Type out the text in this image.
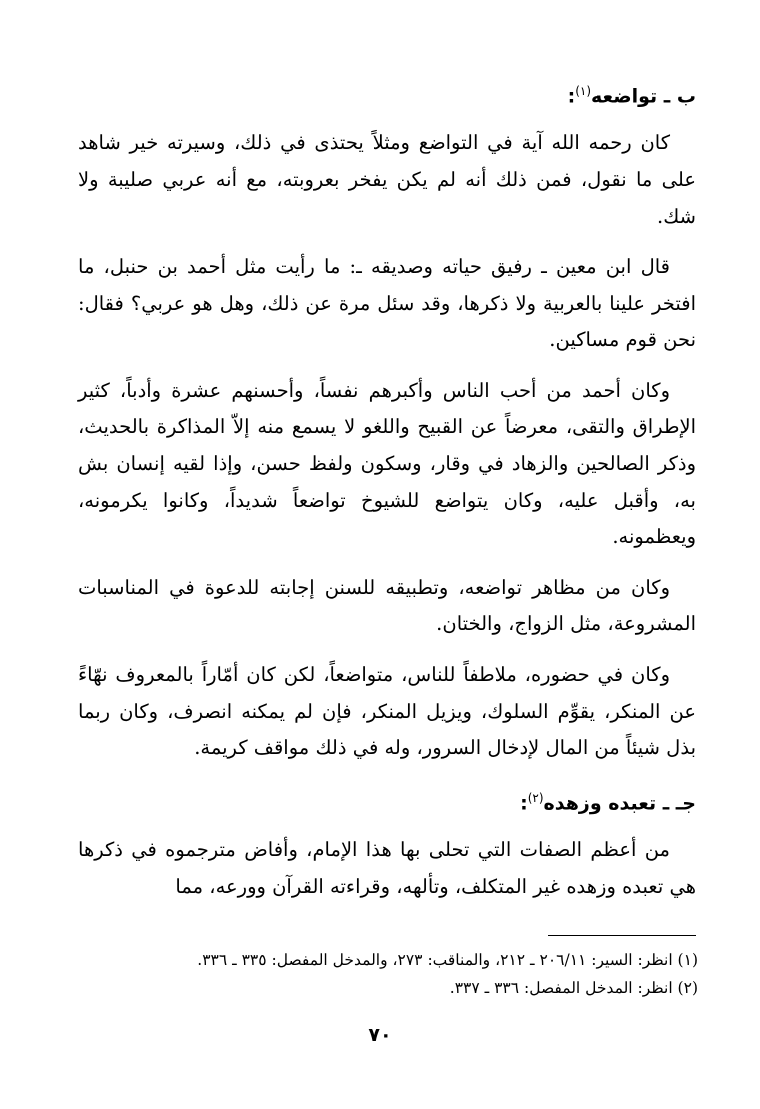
ب ـ تواضعه$^{(١)}$:

كان رحمه الله آية في التواضع ومثلاً يحتذى في ذلك، وسيرته خير شاهد على ما نقول، فمن ذلك أنه لم يكن يفخر بعروبته، مع أنه عربي صليبة ولا شك.

قال ابن معين ـ رفيق حياته وصديقه ـ: ما رأيت مثل أحمد بن حنبل، ما افتخر علينا بالعربية ولا ذكرها، وقد سئل مرة عن ذلك، وهل هو عربي؟ فقال: نحن قوم مساكين.

وكان أحمد من أحب الناس وأكبرهم نفساً، وأحسنهم عشرة وأدباً، كثير الإطراق والتقى، معرضاً عن القبيح واللغو لا يسمع منه إلاّ المذاكرة بالحديث، وذكر الصالحين والزهاد في وقار، وسكون ولفظ حسن، وإذا لقيه إنسان بش به، وأقبل عليه، وكان يتواضع للشيوخ تواضعاً شديداً، وكانوا يكرمونه، ويعظمونه.

وكان من مظاهر تواضعه، وتطبيقه للسنن إجابته للدعوة في المناسبات المشروعة، مثل الزواج، والختان.

وكان في حضوره، ملاطفاً للناس، متواضعاً، لكن كان أمّاراً بالمعروف نهّاءً عن المنكر، يقوِّم السلوك، ويزيل المنكر، فإن لم يمكنه انصرف، وكان ربما بذل شيئاً من المال لإدخال السرور، وله في ذلك مواقف كريمة.

جـ ـ تعبده وزهده$^{(٢)}$:

من أعظم الصفات التي تحلى بها هذا الإمام، وأفاض مترجموه في ذكرها هي تعبده وزهده غير المتكلف، وتألهه، وقراءته القرآن وورعه، مما

(١) انظر: السير: ٢٠٦/١١ ـ ٢١٢، والمناقب: ٢٧٣، والمدخل المفصل: ٣٣٥ ـ ٣٣٦.

(٢) انظر: المدخل المفصل: ٣٣٦ ـ ٣٣٧.

٧٠
